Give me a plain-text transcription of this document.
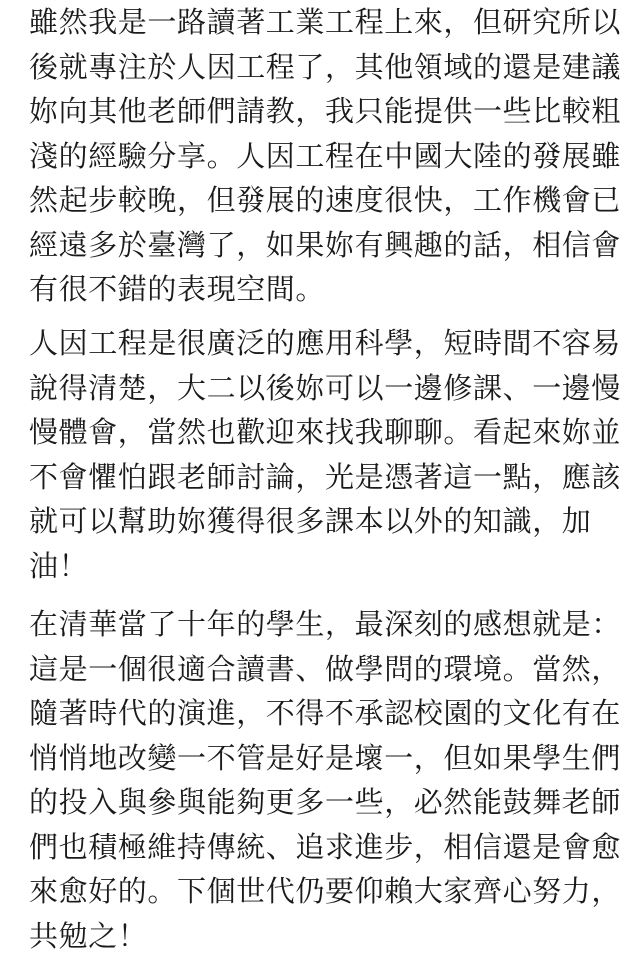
雖然我是一路讀著工業工程上來，但研究所以
後就專注於人因工程了，其他領域的還是建議
妳向其他老師們請教，我只能提供一些比較粗
淺的經驗分享。人因工程在中國大陸的發展雖
然起步較晚，但發展的速度很快，工作機會已
經遠多於臺灣了，如果妳有興趣的話，相信會
有很不錯的表現空間。

人因工程是很廣泛的應用科學，短時間不容易
說得清楚，大二以後妳可以一邊修課、一邊慢
慢體會，當然也歡迎來找我聊聊。看起來妳並
不會懼怕跟老師討論，光是憑著這一點，應該
就可以幫助妳獲得很多課本以外的知識，加
油！

在清華當了十年的學生，最深刻的感想就是：
這是一個很適合讀書、做學問的環境。當然，
隨著時代的演進，不得不承認校園的文化有在
悄悄地改變一不管是好是壞一，但如果學生們
的投入與參與能夠更多一些，必然能鼓舞老師
們也積極維持傳統、追求進步，相信還是會愈
來愈好的。下個世代仍要仰賴大家齊心努力，
共勉之！
